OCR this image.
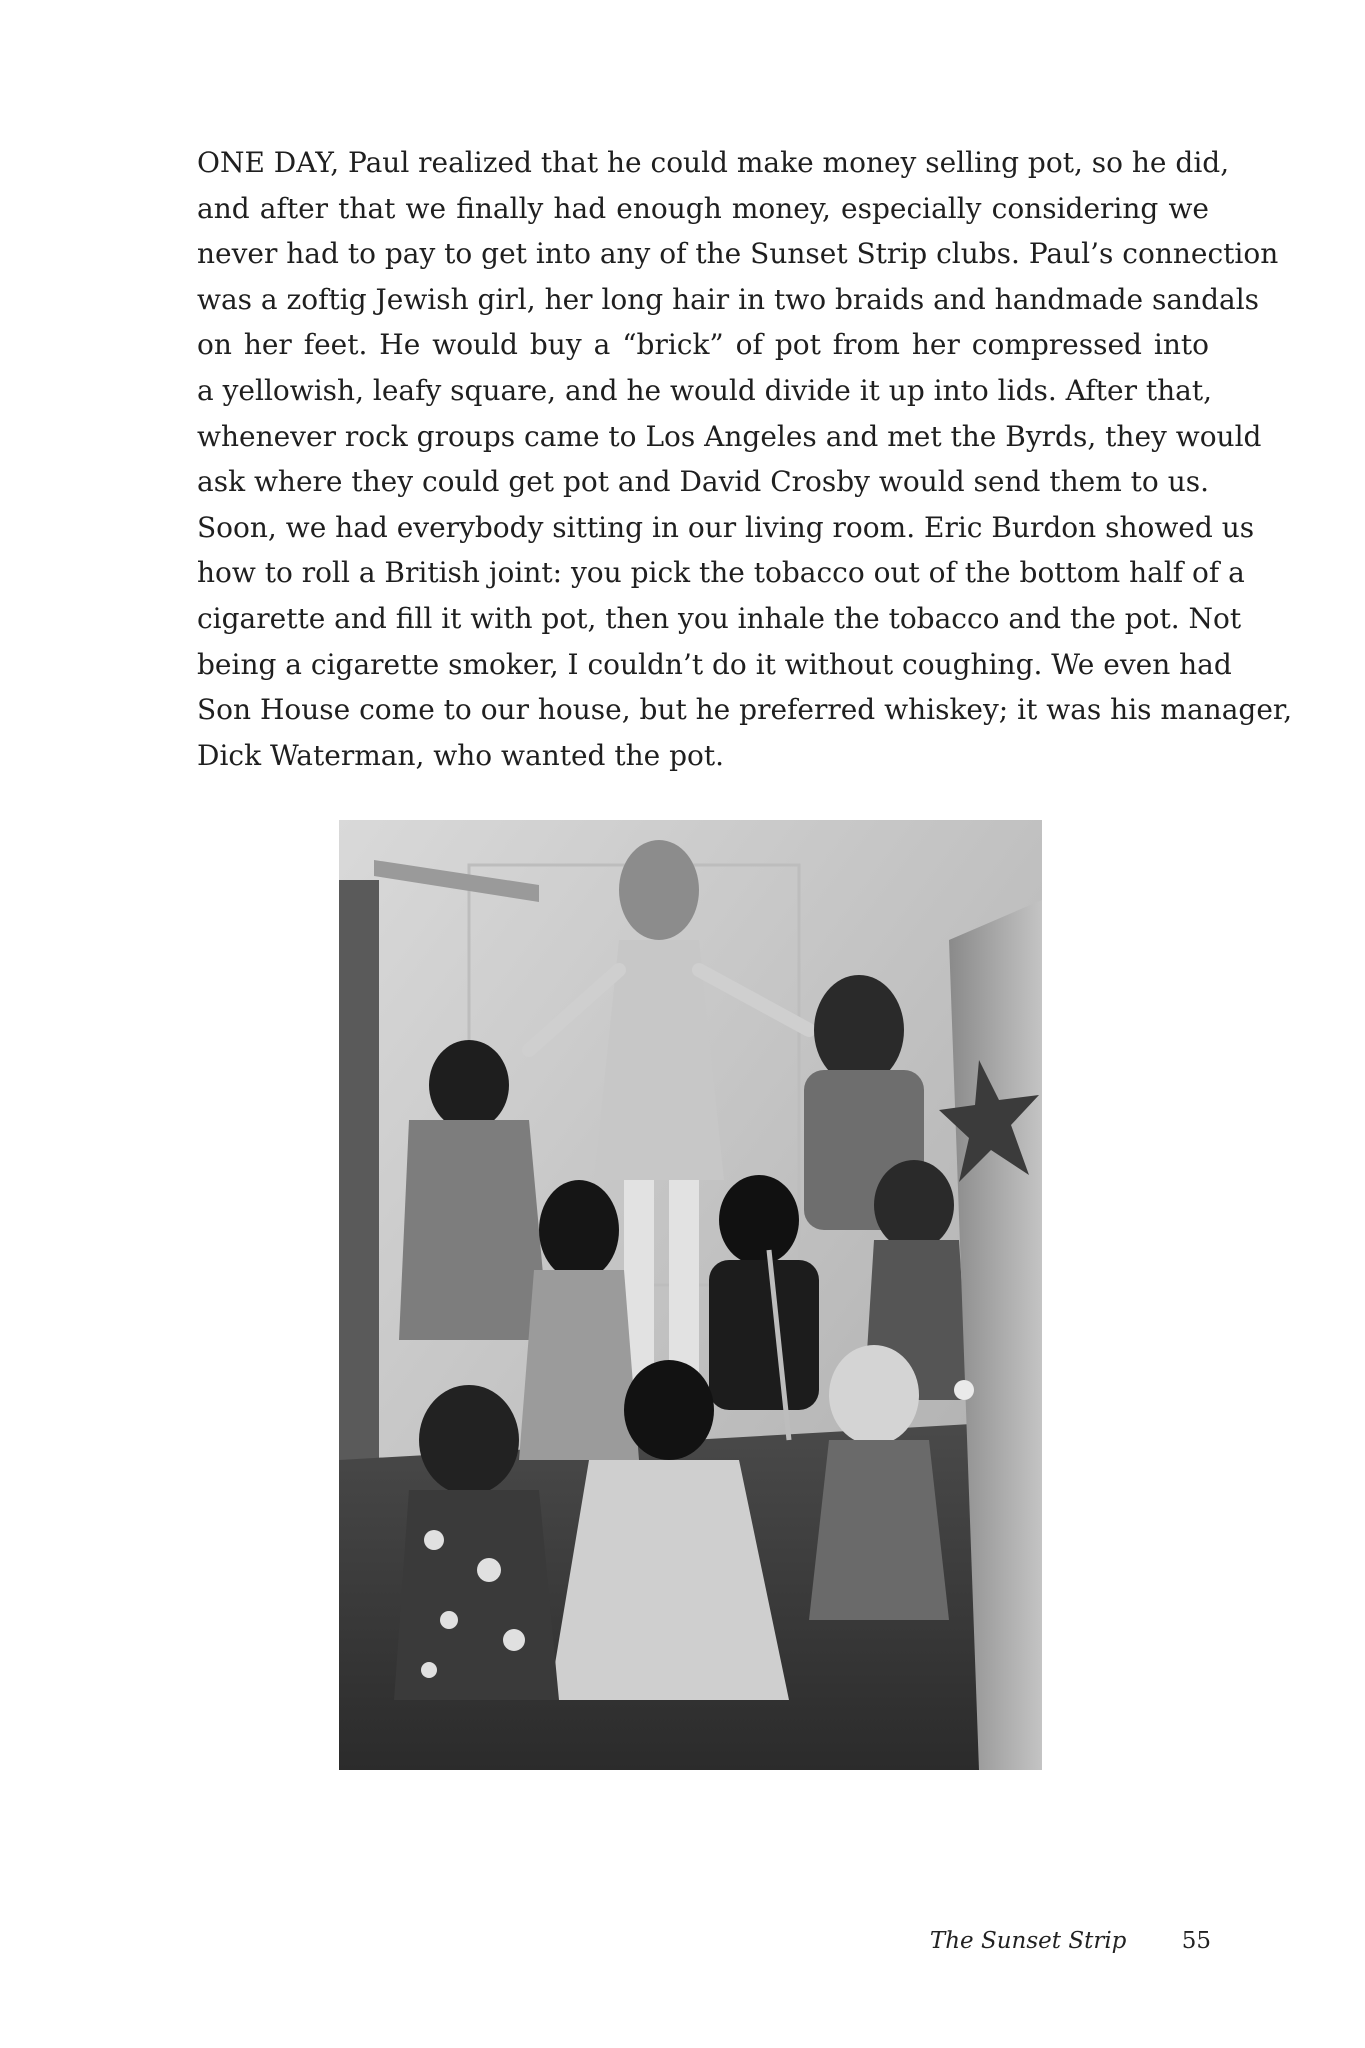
ONE DAY, Paul realized that he could make money selling pot, so he did,
and after that we finally had enough money, especially considering we
never had to pay to get into any of the Sunset Strip clubs. Paul’s connection
was a zoftig Jewish girl, her long hair in two braids and handmade sandals
on her feet. He would buy a “brick” of pot from her compressed into
a yellowish, leafy square, and he would divide it up into lids. After that,
whenever rock groups came to Los Angeles and met the Byrds, they would
ask where they could get pot and David Crosby would send them to us.
Soon, we had everybody sitting in our living room. Eric Burdon showed us
how to roll a British joint: you pick the tobacco out of the bottom half of a
cigarette and fill it with pot, then you inhale the tobacco and the pot. Not
being a cigarette smoker, I couldn’t do it without coughing. We even had
Son House come to our house, but he preferred whiskey; it was his manager,
Dick Waterman, who wanted the pot.
The Sunset Strip 55
